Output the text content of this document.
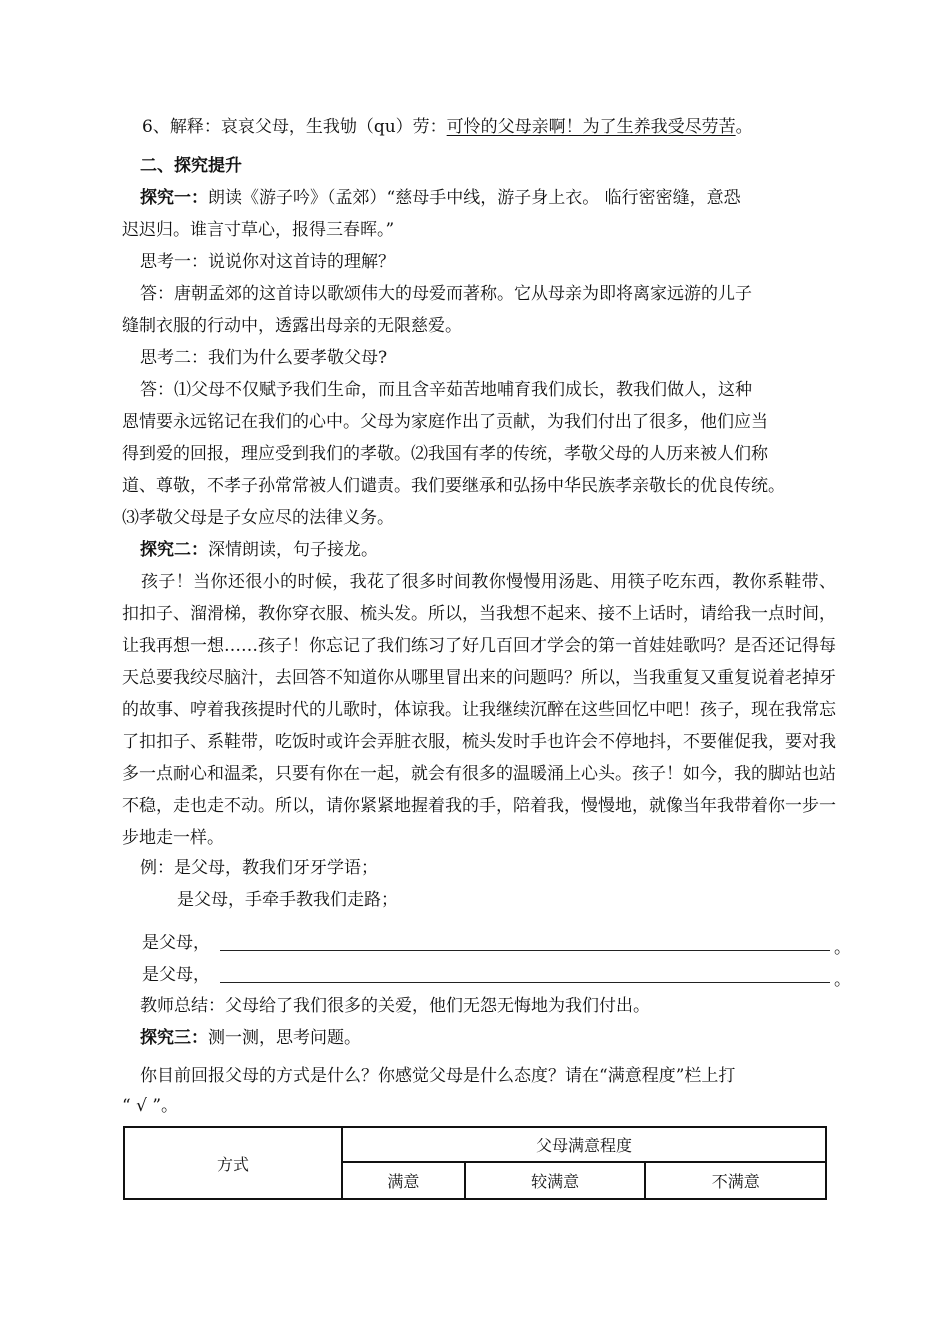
6、解释：哀哀父母，生我劬（qu）劳：可怜的父母亲啊！为了生养我受尽劳苦。
二、探究提升
探究一：朗读《游子吟》（孟郊）“慈母手中线，游子身上衣。 临行密密缝，意恐
迟迟归。谁言寸草心，报得三春晖。”
思考一：说说你对这首诗的理解？
答：唐朝孟郊的这首诗以歌颂伟大的母爱而著称。它从母亲为即将离家远游的儿子
缝制衣服的行动中，透露出母亲的无限慈爱。
思考二：我们为什么要孝敬父母?
答：⑴父母不仅赋予我们生命，而且含辛茹苦地哺育我们成长，教我们做人，这种
恩情要永远铭记在我们的心中。父母为家庭作出了贡献，为我们付出了很多，他们应当
得到爱的回报，理应受到我们的孝敬。⑵我国有孝的传统，孝敬父母的人历来被人们称
道、尊敬，不孝子孙常常被人们谴责。我们要继承和弘扬中华民族孝亲敬长的优良传统。
⑶孝敬父母是子女应尽的法律义务。
探究二：深情朗读，句子接龙。
孩子！当你还很小的时候，我花了很多时间教你慢慢用汤匙、用筷子吃东西，教你系鞋带、扣扣子、溜滑梯，教你穿衣服、梳头发。所以，当我想不起来、接不上话时，请给我一点时间，让我再想一想……孩子！你忘记了我们练习了好几百回才学会的第一首娃娃歌吗？是否还记得每天总要我绞尽脑汁，去回答不知道你从哪里冒出来的问题吗？所以，当我重复又重复说着老掉牙的故事、哼着我孩提时代的儿歌时，体谅我。让我继续沉醉在这些回忆中吧！孩子，现在我常忘了扣扣子、系鞋带，吃饭时或许会弄脏衣服，梳头发时手也许会不停地抖，不要催促我，要对我多一点耐心和温柔，只要有你在一起，就会有很多的温暖涌上心头。孩子！如今，我的脚站也站不稳，走也走不动。所以，请你紧紧地握着我的手，陪着我，慢慢地，就像当年我带着你一步一步地走一样。
例：是父母，教我们牙牙学语；
是父母，手牵手教我们走路；
是父母，	。
是父母，	。
教师总结：父母给了我们很多的关爱，他们无怨无悔地为我们付出。
探究三：测一测，思考问题。
你目前回报父母的方式是什么？你感觉父母是什么态度？请在“满意程度”栏上打
“ √ ”。
方式	父母满意程度		
	满意	较满意	不满意
